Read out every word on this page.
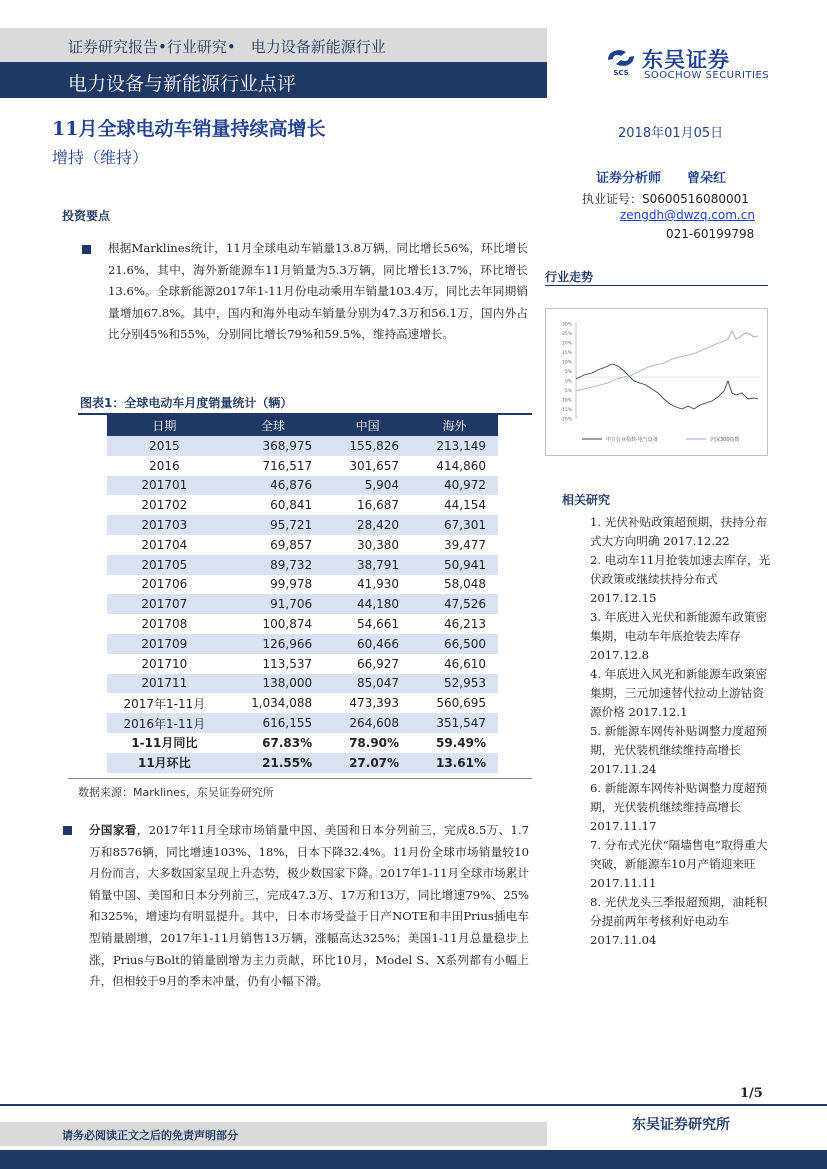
证券研究报告•行业研究•　电力设备新能源行业
电力设备与新能源行业点评	SCS
东吴证券
SOOCHOW SECURITIES
11月全球电动车销量持续高增长
增持（维持）
2018年01月05日
证券分析师　　曾朵红
执业证号：S0600516080001
zengdh@dwzq.com.cn
021-60199798
投资要点
根据Marklines统计，11月全球电动车销量13.8万辆，同比增长56%，环比增长21.6%，其中，海外新能源车11月销量为5.3万辆，同比增长13.7%，环比增长13.6%。全球新能源2017年1-11月份电动乘用车销量103.4万，同比去年同期销量增加67.8%。其中，国内和海外电动车销量分别为47.3万和56.1万，国内外占比分别45%和55%，分别同比增长79%和59.5%，维持高速增长。
图表1：全球电动车月度销量统计（辆）
日期	全球	中国	海外
2015	368,975	155,826	213,149
2016	716,517	301,657	414,860
201701	46,876	5,904	40,972
201702	60,841	16,687	44,154
201703	95,721	28,420	67,301
201704	69,857	30,380	39,477
201705	89,732	38,791	50,941
201706	99,978	41,930	58,048
201707	91,706	44,180	47,526
201708	100,874	54,661	46,213
201709	126,966	60,466	66,500
201710	113,537	66,927	46,610
201711	138,000	85,047	52,953
2017年1-11月	1,034,088	473,393	560,695
2016年1-11月	616,155	264,608	351,547
1-11月同比	67.83%	78.90%	59.49%
11月环比	21.55%	27.07%	13.61%
数据来源：Marklines，东吴证券研究所
分国家看，2017年11月全球市场销量中国、美国和日本分列前三，完成8.5万、1.7万和8576辆，同比增速103%、18%，日本下降32.4%。11月份全球市场销量较10月份而言，大多数国家呈现上升态势，极少数国家下降。2017年1-11月全球市场累计销量中国、美国和日本分列前三，完成47.3万、17万和13万，同比增速79%、25%和325%，增速均有明显提升。其中，日本市场受益于日产NOTE和丰田Prius插电车型销量剧增，2017年1-11月销售13万辆，涨幅高达325%；美国1-11月总量稳步上涨，Prius与Bolt的销量剧增为主力贡献，环比10月，Model S、X系列都有小幅上升，但相较于9月的季末冲量，仍有小幅下滑。
行业走势
30%
25%
20%
15%
10%
5%
0%
-5%
-10%
-15%
-20%
申万行业指数-电气设备	沪深300指数
相关研究
1. 光伏补贴政策超预期，扶持分布式大方向明确 2017.12.22
2. 电动车11月抢装加速去库存，光伏政策或继续扶持分布式 2017.12.15
3. 年底进入光伏和新能源车政策密集期，电动车年底抢装去库存 2017.12.8
4. 年底进入风光和新能源车政策密集期，三元加速替代拉动上游钴资源价格 2017.12.1
5. 新能源车网传补贴调整力度超预期，光伏装机继续维持高增长 2017.11.24
6. 新能源车网传补贴调整力度超预期，光伏装机继续维持高增长 2017.11.17
7. 分布式光伏“隔墙售电”取得重大突破，新能源车10月产销迎来旺 2017.11.11
8. 光伏龙头三季报超预期，油耗积分提前两年考核利好电动车 2017.11.04
1/5
请务必阅读正文之后的免责声明部分
东吴证券研究所
